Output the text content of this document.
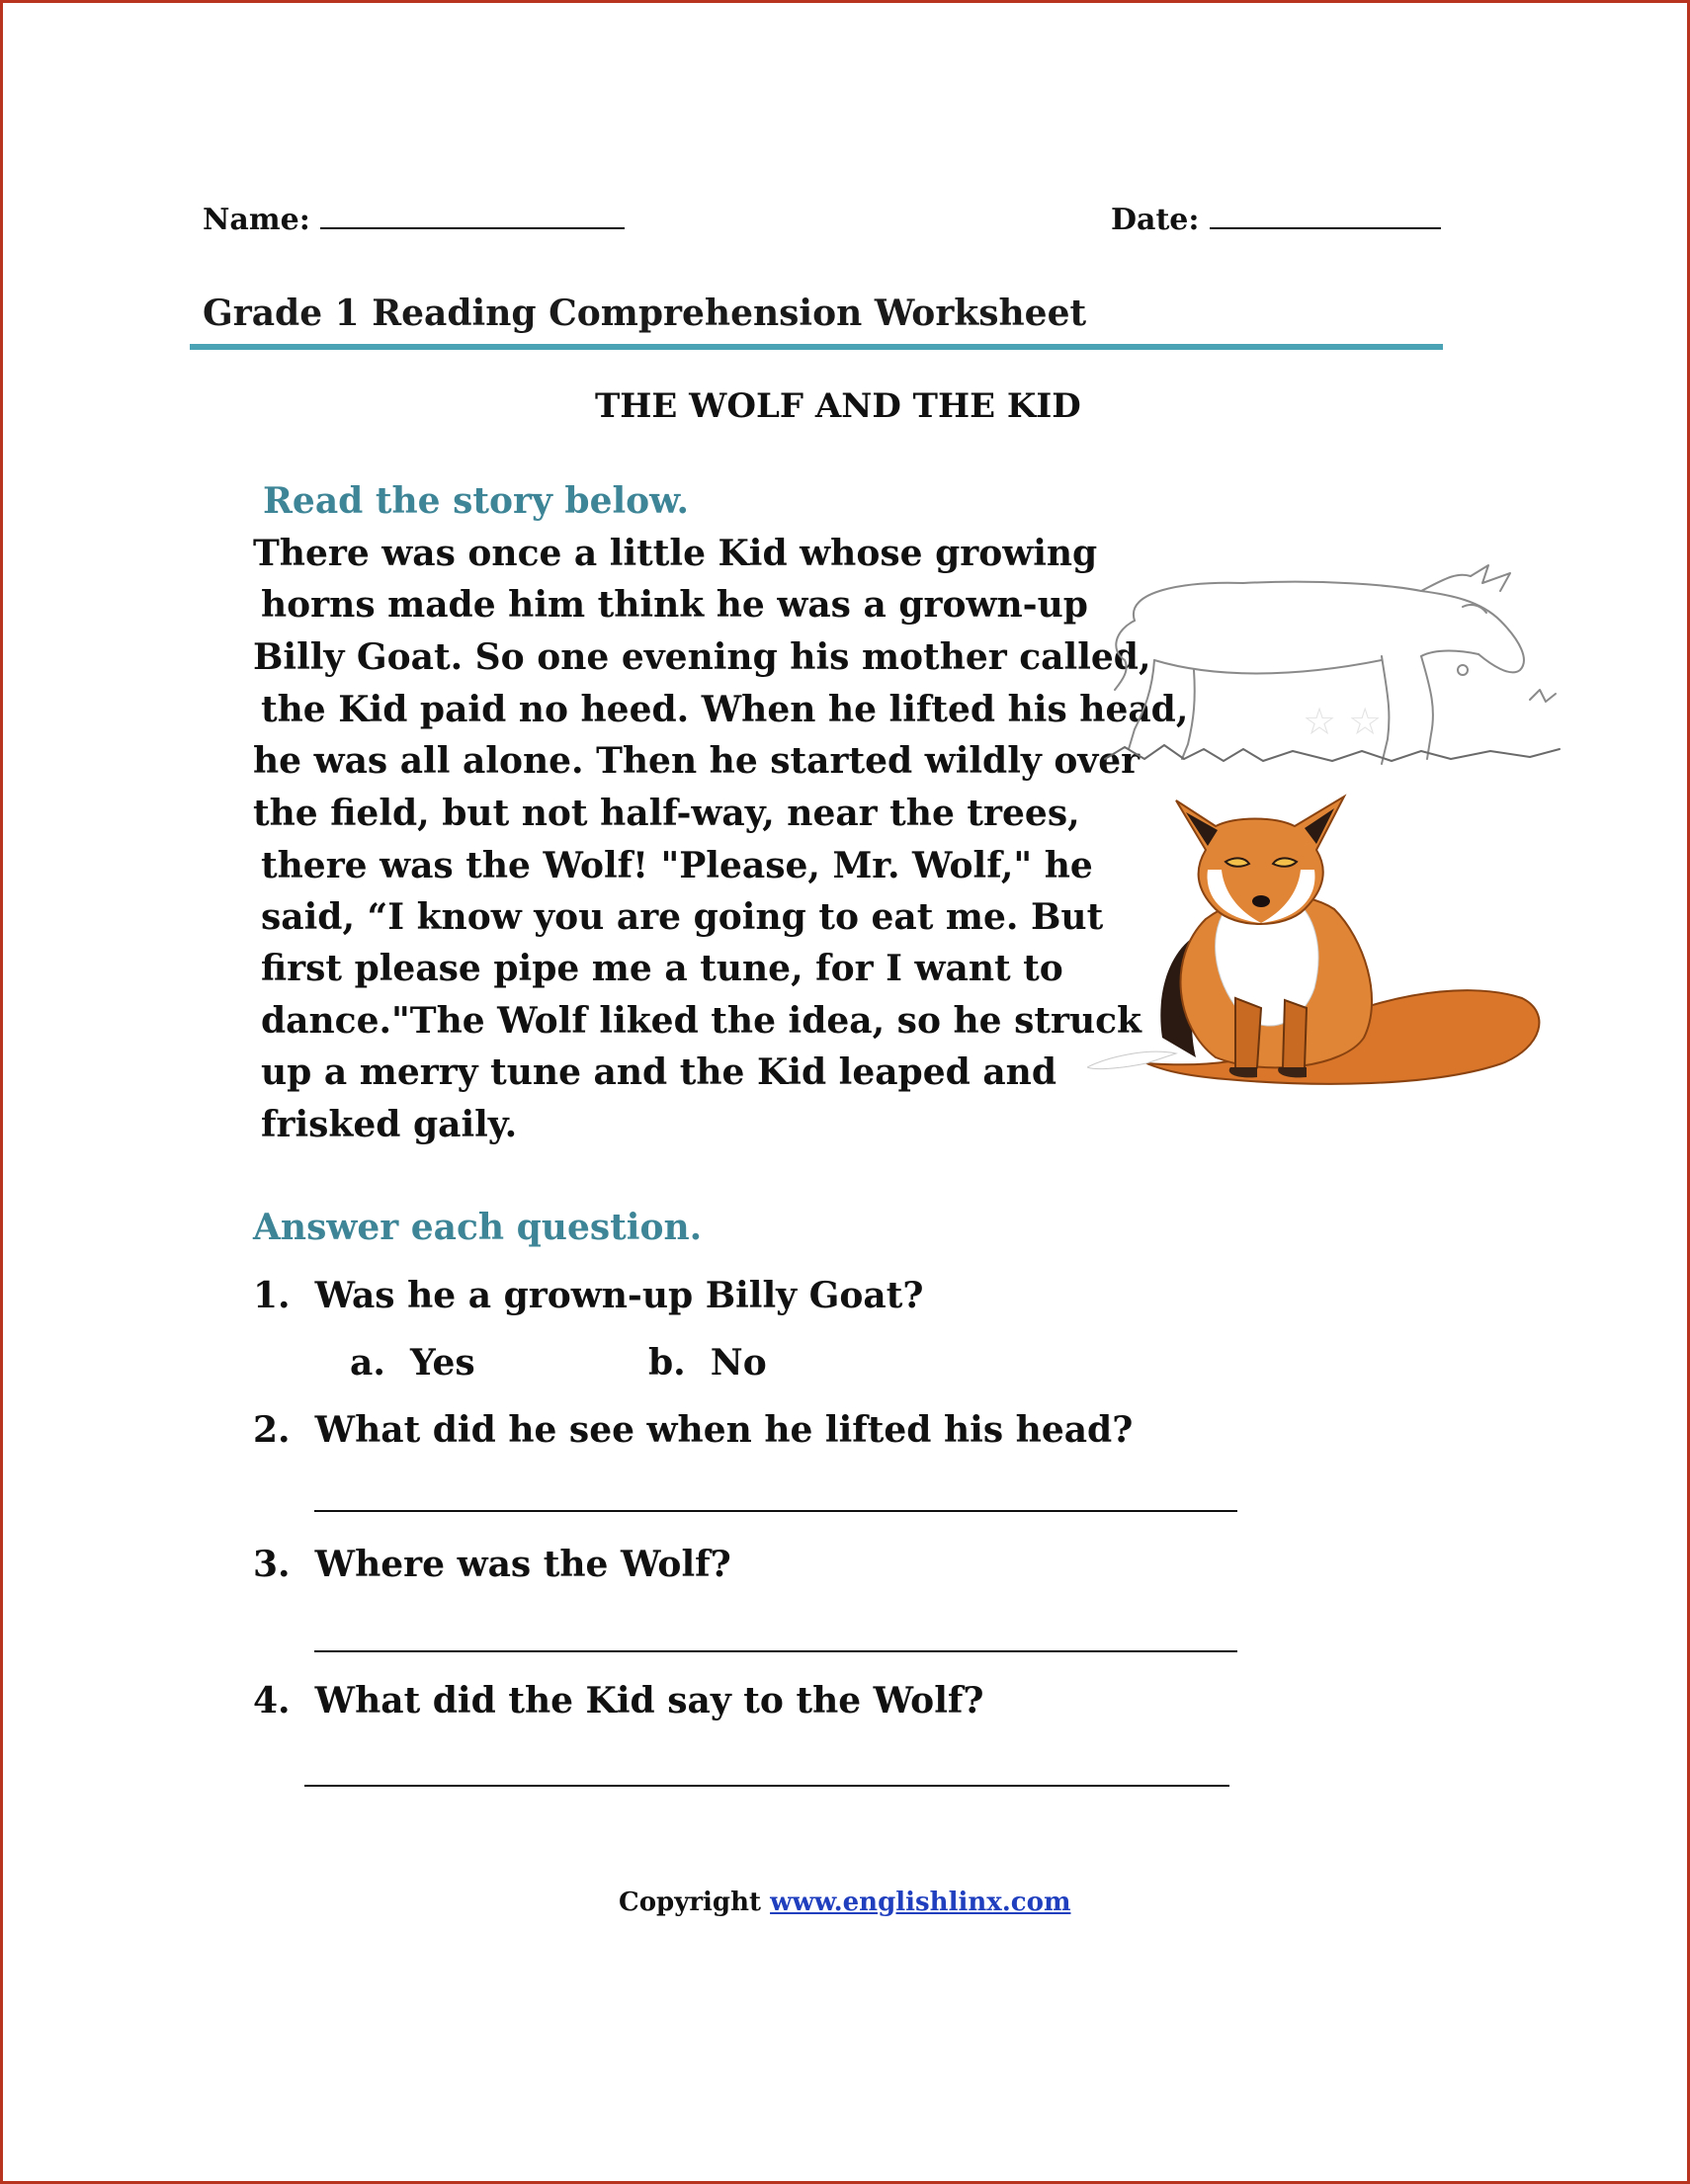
Name:	Date:
Grade 1 Reading Comprehension Worksheet
THE WOLF AND THE KID
Read the story below.
There was once a little Kid whose growing
horns made him think he was a grown-up
Billy Goat. So one evening his mother called,
the Kid paid no heed. When he lifted his head,
he was all alone. Then he started wildly over
the field, but not half-way, near the trees,
there was the Wolf! "Please, Mr. Wolf," he
said, “I know you are going to eat me. But
first please pipe me a tune, for I want to
dance."The Wolf liked the idea, so he struck
up a merry tune and the Kid leaped and
frisked gaily.
☆ ☆
Answer each question.
1. Was he a grown-up Billy Goat?
a. Yes	b. No
2. What did he see when he lifted his head?
3. Where was the Wolf?
4. What did the Kid say to the Wolf?
Copyright www.englishlinx.com
